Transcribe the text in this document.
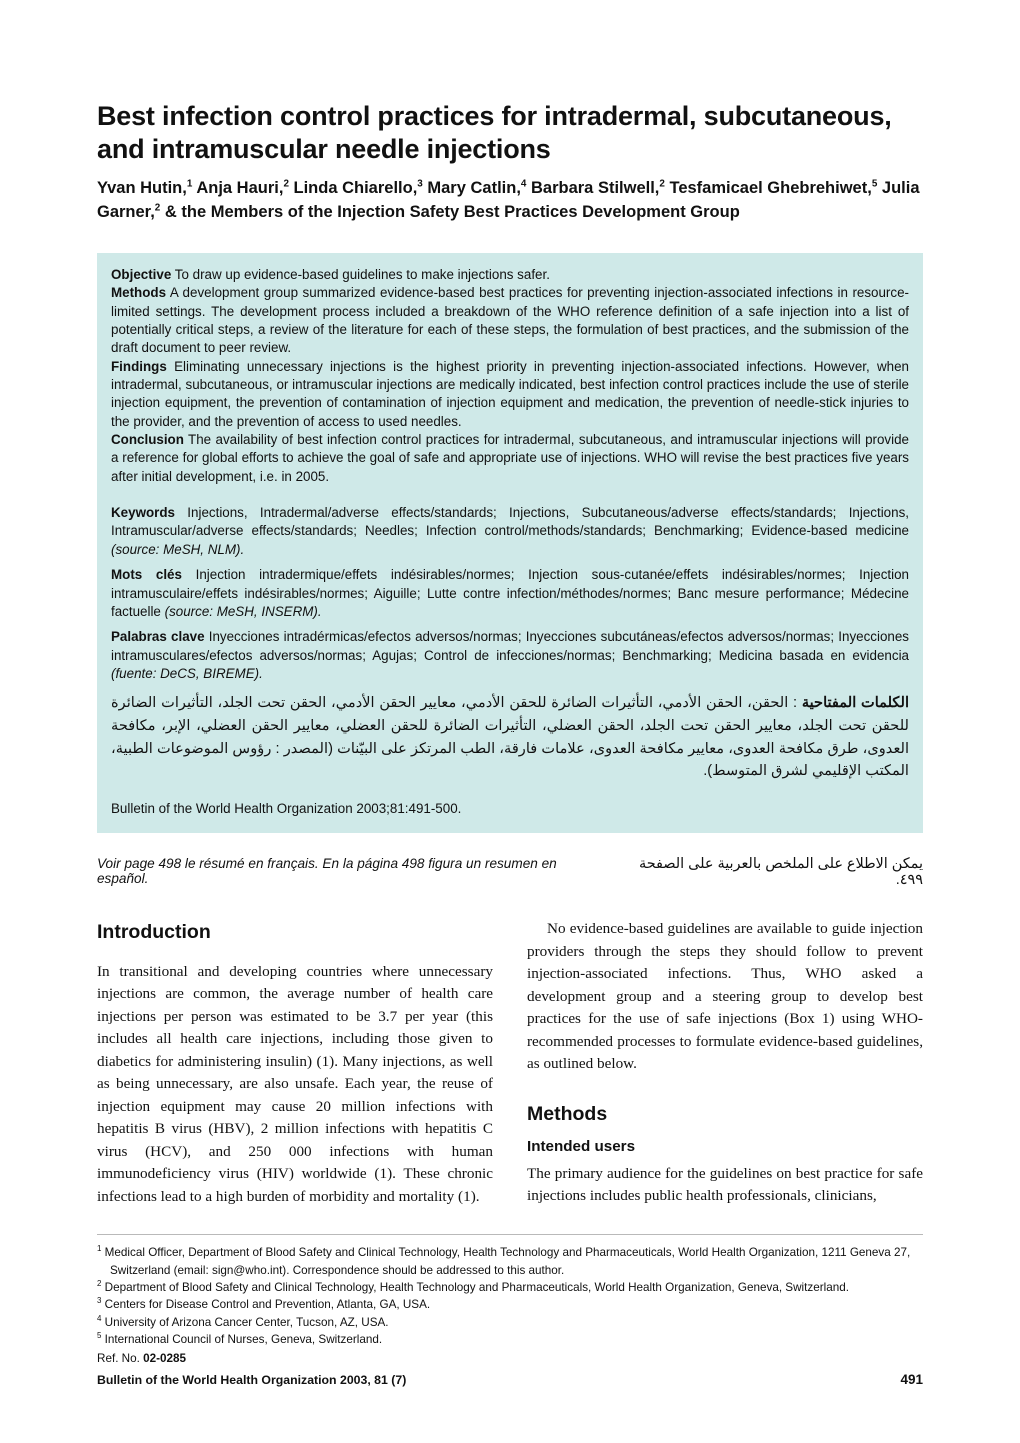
Best infection control practices for intradermal, subcutaneous, and intramuscular needle injections

Yvan Hutin,$^1$ Anja Hauri,$^2$ Linda Chiarello,$^3$ Mary Catlin,$^4$ Barbara Stilwell,$^2$ Tesfamicael Ghebrehiwet,$^5$ Julia Garner,$^2$ & the Members of the Injection Safety Best Practices Development Group

Objective To draw up evidence-based guidelines to make injections safer.

Methods A development group summarized evidence-based best practices for preventing injection-associated infections in resource-limited settings. The development process included a breakdown of the WHO reference definition of a safe injection into a list of potentially critical steps, a review of the literature for each of these steps, the formulation of best practices, and the submission of the draft document to peer review.

Findings Eliminating unnecessary injections is the highest priority in preventing injection-associated infections. However, when intradermal, subcutaneous, or intramuscular injections are medically indicated, best infection control practices include the use of sterile injection equipment, the prevention of contamination of injection equipment and medication, the prevention of needle-stick injuries to the provider, and the prevention of access to used needles.

Conclusion The availability of best infection control practices for intradermal, subcutaneous, and intramuscular injections will provide a reference for global efforts to achieve the goal of safe and appropriate use of injections. WHO will revise the best practices five years after initial development, i.e. in 2005.

Keywords Injections, Intradermal/adverse effects/standards; Injections, Subcutaneous/adverse effects/standards; Injections, Intramuscular/adverse effects/standards; Needles; Infection control/methods/standards; Benchmarking; Evidence-based medicine (source: MeSH, NLM).

Mots clés Injection intradermique/effets indésirables/normes; Injection sous-cutanée/effets indésirables/normes; Injection intramusculaire/effets indésirables/normes; Aiguille; Lutte contre infection/méthodes/normes; Banc mesure performance; Médecine factuelle (source: MeSH, INSERM).

Palabras clave Inyecciones intradérmicas/efectos adversos/normas; Inyecciones subcutáneas/efectos adversos/normas; Inyecciones intramusculares/efectos adversos/normas; Agujas; Control de infecciones/normas; Benchmarking; Medicina basada en evidencia (fuente: DeCS, BIREME).

الكلمات المفتاحية : الحقن، الحقن الأدمي، التأثيرات الضائرة للحقن الأدمي، معايير الحقن الأدمي، الحقن تحت الجلد، التأثيرات الضائرة للحقن تحت الجلد، معايير الحقن تحت الجلد، الحقن العضلي، التأثيرات الضائرة للحقن العضلي، معايير الحقن العضلي، الإبر، مكافحة العدوى، طرق مكافحة العدوى، معايير مكافحة العدوى، علامات فارقة، الطب المرتكز على البيّنات (المصدر : رؤوس الموضوعات الطبية، المكتب الإقليمي لشرق المتوسط).

Bulletin of the World Health Organization 2003;81:491-500.

Voir page 498 le résumé en français. En la página 498 figura un resumen en español.
يمكن الاطلاع على الملخص بالعربية على الصفحة ٤٩٩.
Introduction

In transitional and developing countries where unnecessary injections are common, the average number of health care injections per person was estimated to be 3.7 per year (this includes all health care injections, including those given to diabetics for administering insulin) (1). Many injections, as well as being unnecessary, are also unsafe. Each year, the reuse of injection equipment may cause 20 million infections with hepatitis B virus (HBV), 2 million infections with hepatitis C virus (HCV), and 250 000 infections with human immunodeficiency virus (HIV) worldwide (1). These chronic infections lead to a high burden of morbidity and mortality (1).

No evidence-based guidelines are available to guide injection providers through the steps they should follow to prevent injection-associated infections. Thus, WHO asked a development group and a steering group to develop best practices for the use of safe injections (Box 1) using WHO-recommended processes to formulate evidence-based guidelines, as outlined below.

Methods
Intended users

The primary audience for the guidelines on best practice for safe injections includes public health professionals, clinicians,

$^1$ Medical Officer, Department of Blood Safety and Clinical Technology, Health Technology and Pharmaceuticals, World Health Organization, 1211 Geneva 27, Switzerland (email: sign@who.int). Correspondence should be addressed to this author.

$^2$ Department of Blood Safety and Clinical Technology, Health Technology and Pharmaceuticals, World Health Organization, Geneva, Switzerland.

$^3$ Centers for Disease Control and Prevention, Atlanta, GA, USA.

$^4$ University of Arizona Cancer Center, Tucson, AZ, USA.

$^5$ International Council of Nurses, Geneva, Switzerland.

Ref. No. 02-0285

Bulletin of the World Health Organization 2003, 81 (7)	491
